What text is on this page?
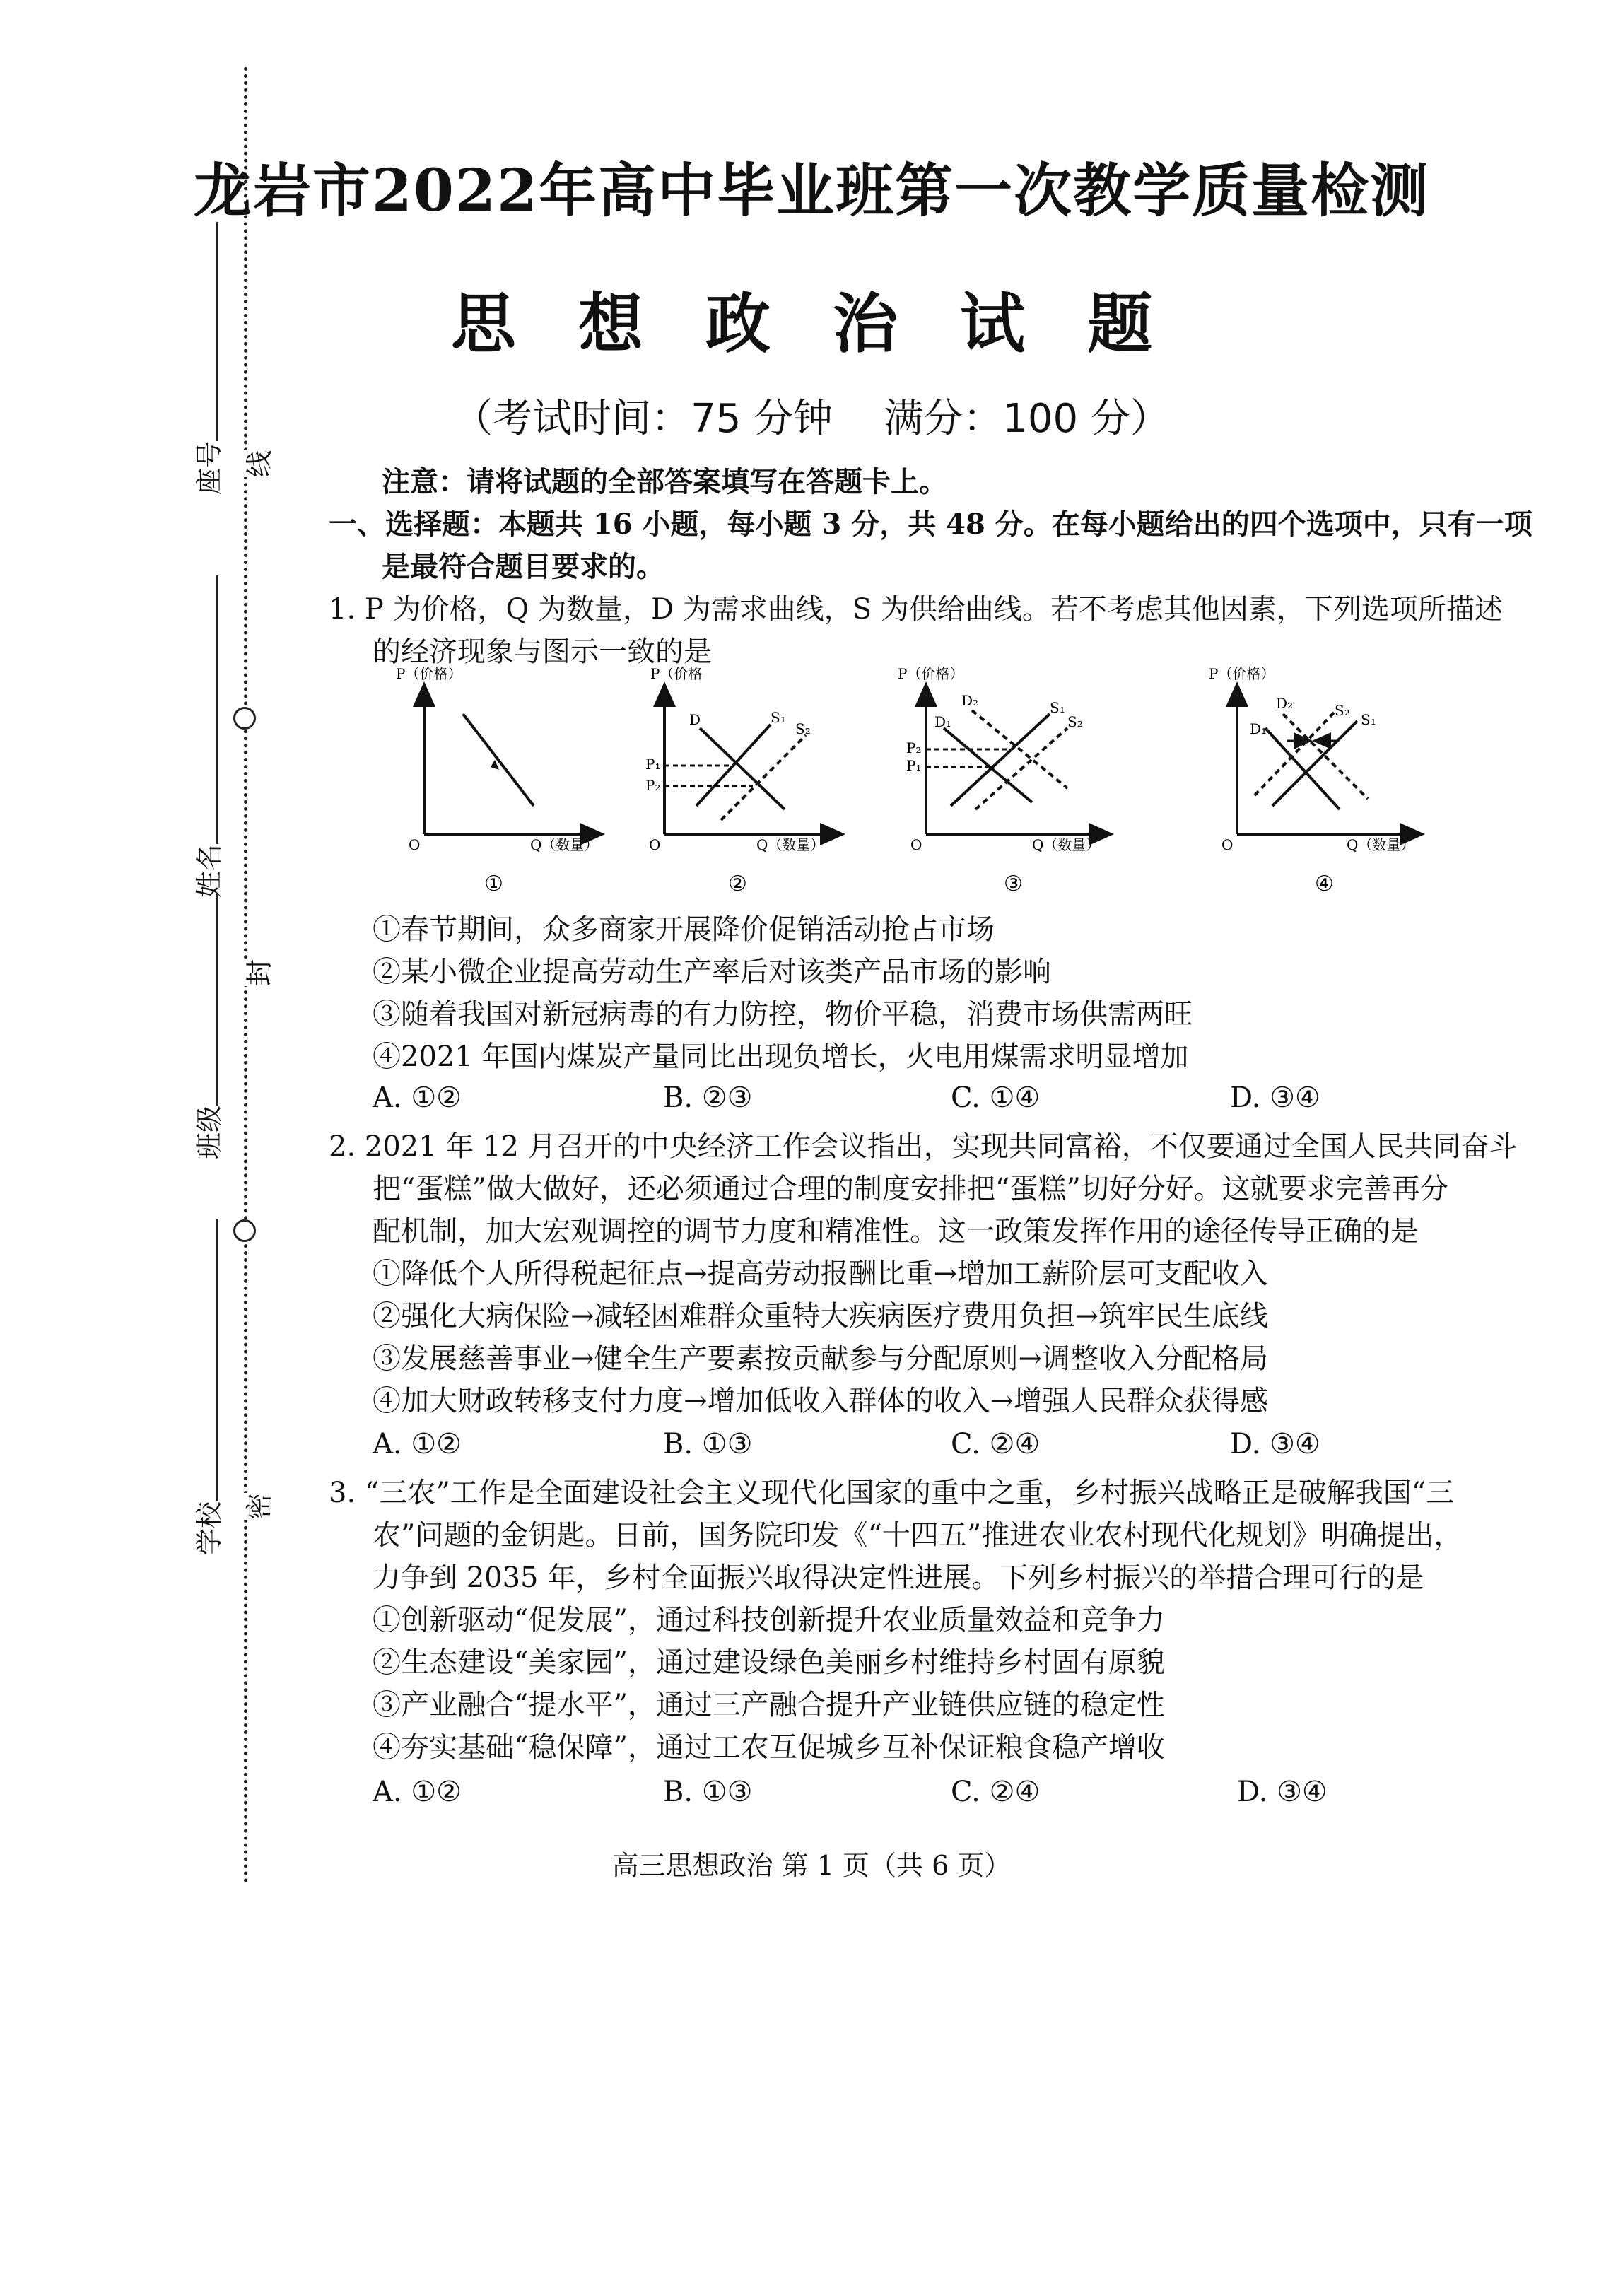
线
封
密
座号
姓名
班级
学校
龙岩市2022年高中毕业班第一次教学质量检测
思 想 政 治 试 题
（考试时间：75 分钟 满分：100 分）
注意：请将试题的全部答案填写在答题卡上。
一、选择题：本题共 16 小题，每小题 3 分，共 48 分。在每小题给出的四个选项中，只有一项
是最符合题目要求的。
1. P 为价格，Q 为数量，D 为需求曲线，S 为供给曲线。若不考虑其他因素，下列选项所描述
的经济现象与图示一致的是
P（价格）
O	Q（数量）
①
P（价格
O	Q（数量）
D	S₁
S₂
P₁
P₂
②
P（价格）
O	Q（数量）
D₂
D₁
S₁
S₂
P₂
P₁
③
P（价格）
O	Q（数量）
D₂
D₁
S₂
S₁
④
①春节期间，众多商家开展降价促销活动抢占市场
②某小微企业提高劳动生产率后对该类产品市场的影响
③随着我国对新冠病毒的有力防控，物价平稳，消费市场供需两旺
④2021 年国内煤炭产量同比出现负增长，火电用煤需求明显增加
A. ①②	B. ②③	C. ①④	D. ③④
2. 2021 年 12 月召开的中央经济工作会议指出，实现共同富裕，不仅要通过全国人民共同奋斗
把“蛋糕”做大做好，还必须通过合理的制度安排把“蛋糕”切好分好。这就要求完善再分
配机制，加大宏观调控的调节力度和精准性。这一政策发挥作用的途径传导正确的是
①降低个人所得税起征点→提高劳动报酬比重→增加工薪阶层可支配收入
②强化大病保险→减轻困难群众重特大疾病医疗费用负担→筑牢民生底线
③发展慈善事业→健全生产要素按贡献参与分配原则→调整收入分配格局
④加大财政转移支付力度→增加低收入群体的收入→增强人民群众获得感
A. ①②	B. ①③	C. ②④	D. ③④
3. “三农”工作是全面建设社会主义现代化国家的重中之重，乡村振兴战略正是破解我国“三
农”问题的金钥匙。日前，国务院印发《“十四五”推进农业农村现代化规划》明确提出，
力争到 2035 年，乡村全面振兴取得决定性进展。下列乡村振兴的举措合理可行的是
①创新驱动“促发展”，通过科技创新提升农业质量效益和竞争力
②生态建设“美家园”，通过建设绿色美丽乡村维持乡村固有原貌
③产业融合“提水平”，通过三产融合提升产业链供应链的稳定性
④夯实基础“稳保障”，通过工农互促城乡互补保证粮食稳产增收
A. ①②	B. ①③	C. ②④	D. ③④
高三思想政治 第 1 页（共 6 页）
